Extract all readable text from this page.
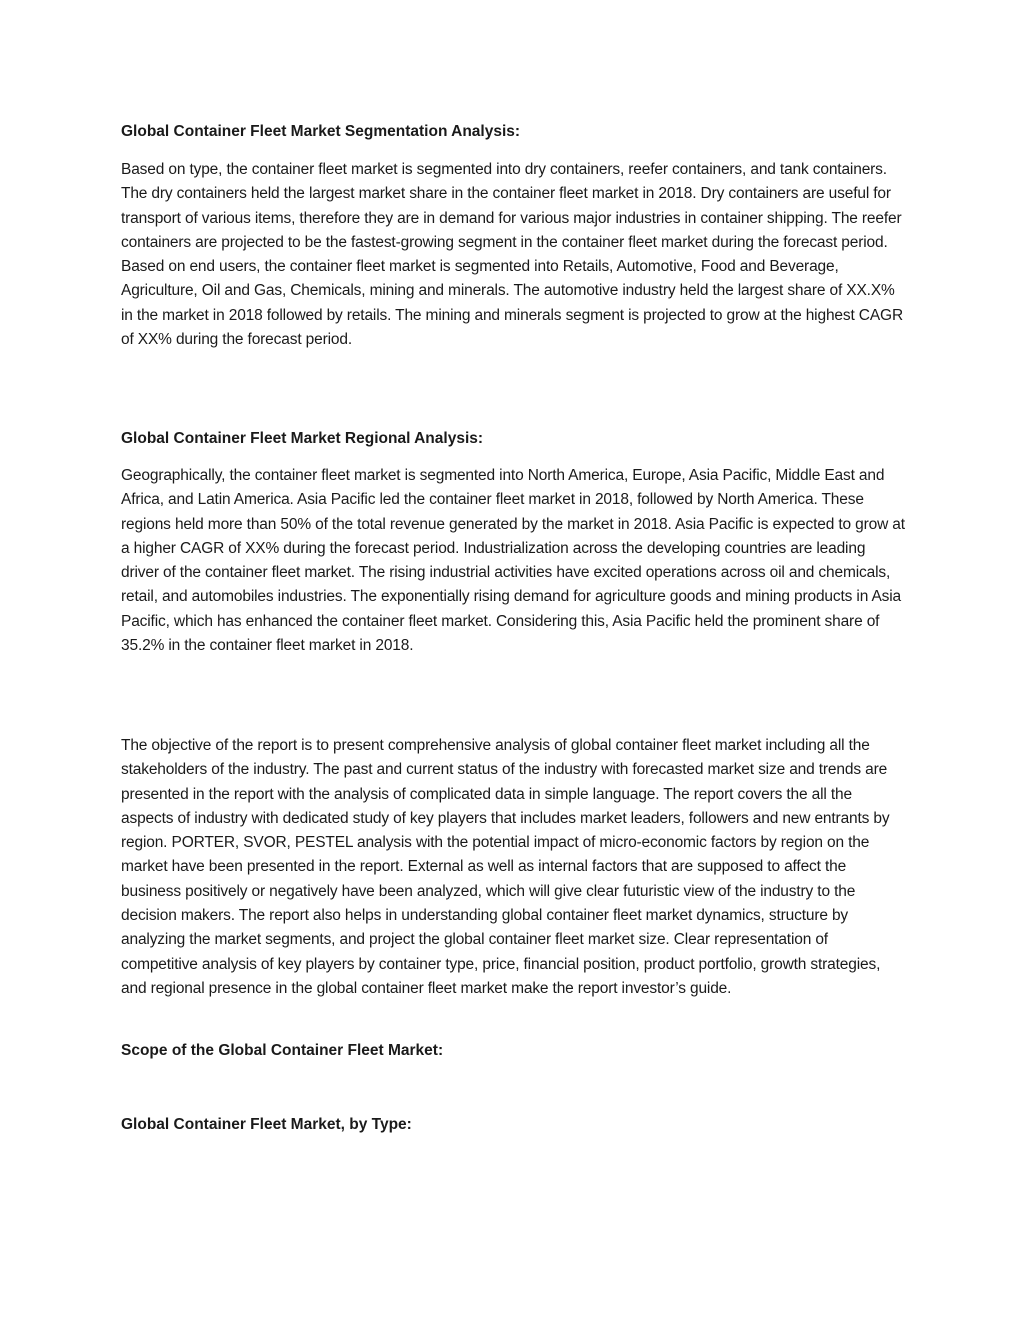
Global Container Fleet Market Segmentation Analysis:

Based on type, the container fleet market is segmented into dry containers, reefer containers, and tank containers. The dry containers held the largest market share in the container fleet market in 2018. Dry containers are useful for transport of various items, therefore they are in demand for various major industries in container shipping. The reefer containers are projected to be the fastest-growing segment in the container fleet market during the forecast period. Based on end users, the container fleet market is segmented into Retails, Automotive, Food and Beverage, Agriculture, Oil and Gas, Chemicals, mining and minerals. The automotive industry held the largest share of XX.X% in the market in 2018 followed by retails. The mining and minerals segment is projected to grow at the highest CAGR of XX% during the forecast period.

Global Container Fleet Market Regional Analysis:

Geographically, the container fleet market is segmented into North America, Europe, Asia Pacific, Middle East and Africa, and Latin America. Asia Pacific led the container fleet market in 2018, followed by North America. These regions held more than 50% of the total revenue generated by the market in 2018. Asia Pacific is expected to grow at a higher CAGR of XX% during the forecast period. Industrialization across the developing countries are leading driver of the container fleet market. The rising industrial activities have excited operations across oil and chemicals, retail, and automobiles industries. The exponentially rising demand for agriculture goods and mining products in Asia Pacific, which has enhanced the container fleet market. Considering this, Asia Pacific held the prominent share of 35.2% in the container fleet market in 2018.

The objective of the report is to present comprehensive analysis of global container fleet market including all the stakeholders of the industry. The past and current status of the industry with forecasted market size and trends are presented in the report with the analysis of complicated data in simple language. The report covers the all the aspects of industry with dedicated study of key players that includes market leaders, followers and new entrants by region. PORTER, SVOR, PESTEL analysis with the potential impact of micro-economic factors by region on the market have been presented in the report. External as well as internal factors that are supposed to affect the business positively or negatively have been analyzed, which will give clear futuristic view of the industry to the decision makers. The report also helps in understanding global container fleet market dynamics, structure by analyzing the market segments, and project the global container fleet market size. Clear representation of competitive analysis of key players by container type, price, financial position, product portfolio, growth strategies, and regional presence in the global container fleet market make the report investor’s guide.

Scope of the Global Container Fleet Market:
Global Container Fleet Market, by Type:
